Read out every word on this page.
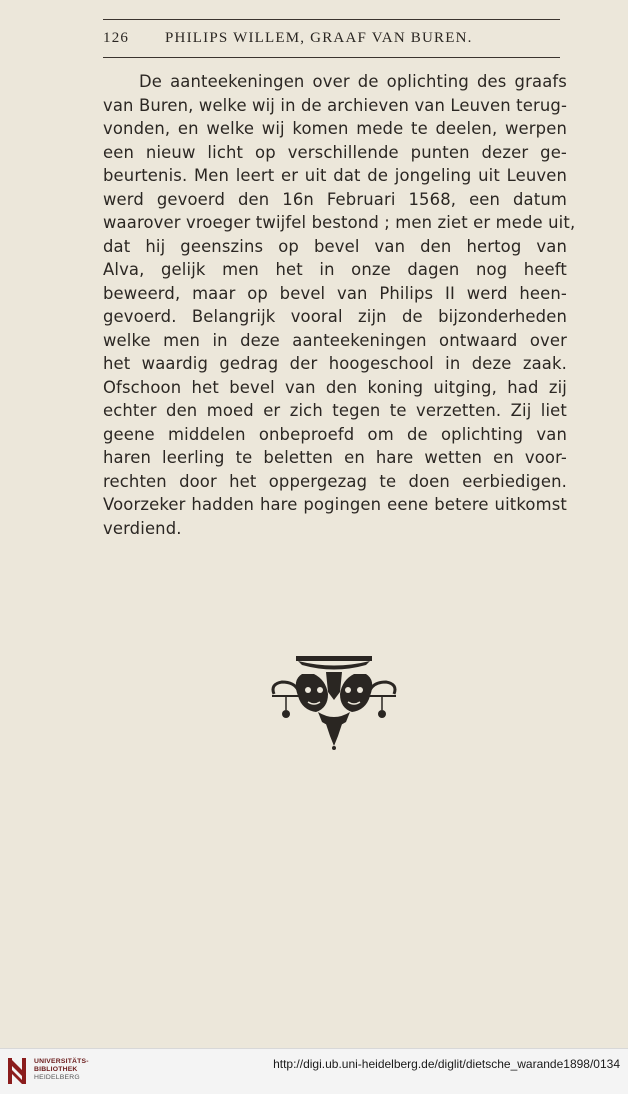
126 PHILIPS WILLEM, GRAAF VAN BUREN.
De aanteekeningen over de oplichting des graafs
van Buren, welke wij in de archieven van Leuven terug-
vonden, en welke wij komen mede te deelen, werpen
een nieuw licht op verschillende punten dezer ge-
beurtenis. Men leert er uit dat de jongeling uit Leuven
werd gevoerd den 16n Februari 1568, een datum
waarover vroeger twijfel bestond ; men ziet er mede uit,
dat hij geenszins op bevel van den hertog van
Alva, gelijk men het in onze dagen nog heeft
beweerd, maar op bevel van Philips II werd heen-
gevoerd. Belangrijk vooral zijn de bijzonderheden
welke men in deze aanteekeningen ontwaard over
het waardig gedrag der hoogeschool in deze zaak.
Ofschoon het bevel van den koning uitging, had zij
echter den moed er zich tegen te verzetten. Zij liet
geene middelen onbeproefd om de oplichting van
haren leerling te beletten en hare wetten en voor-
rechten door het oppergezag te doen eerbiedigen.
Voorzeker hadden hare pogingen eene betere uitkomst
verdiend.
UNIVERSITÄTS-
BIBLIOTHEK
HEIDELBERG
http://digi.ub.uni-heidelberg.de/diglit/dietsche_warande1898/0134
